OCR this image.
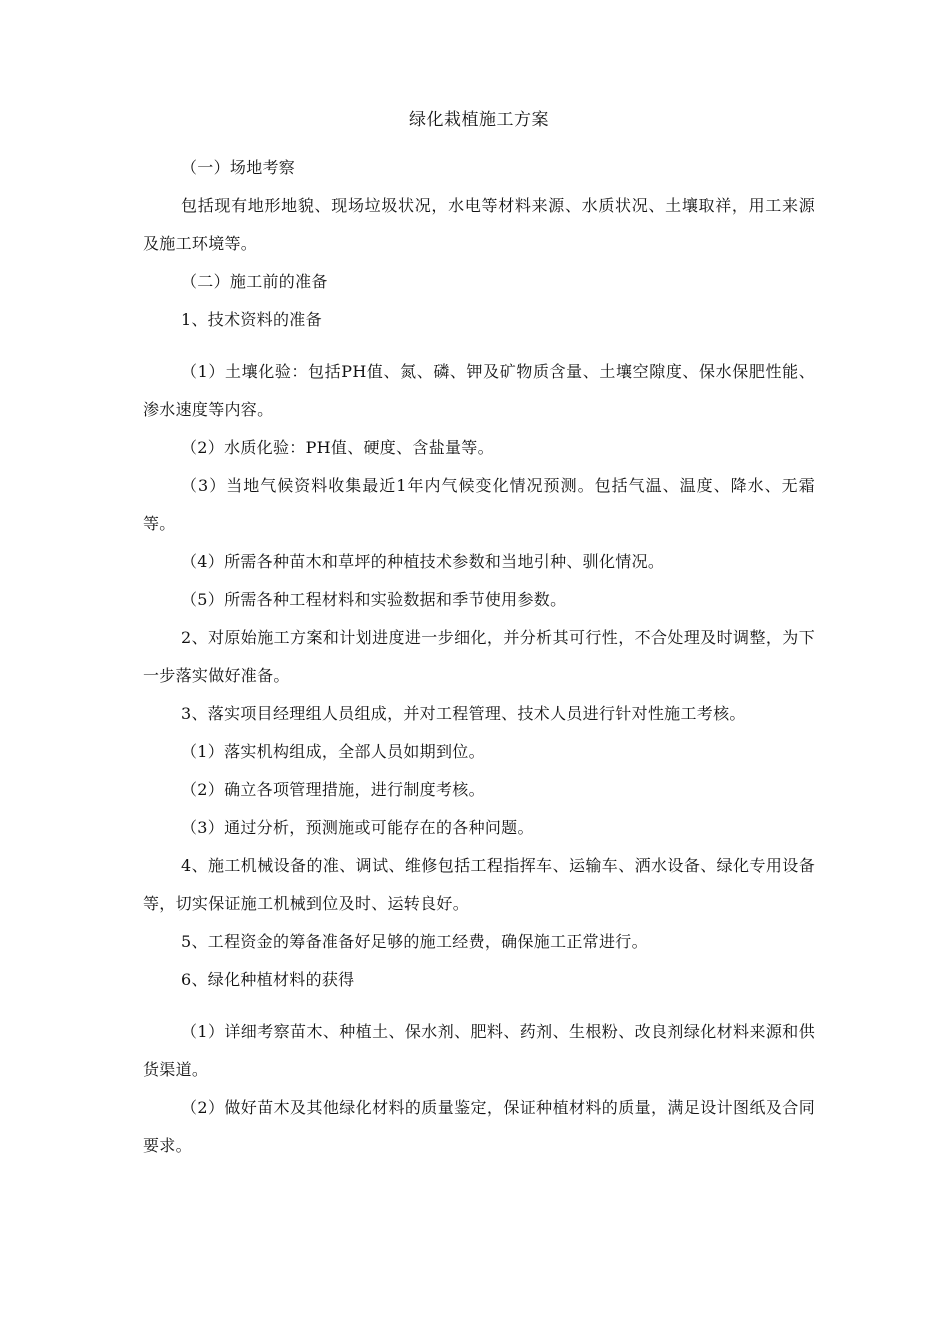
绿化栽植施工方案

（一）场地考察

包括现有地形地貌、现场垃圾状况，水电等材料来源、水质状况、土壤取祥，用工来源及施工环境等。

（二）施工前的准备

1、技术资料的准备

（1）土壤化验：包括PH值、氮、磷、钾及矿物质含量、土壤空隙度、保水保肥性能、渗水速度等内容。

（2）水质化验：PH值、硬度、含盐量等。

（3）当地气候资料收集最近1年内气候变化情况预测。包括气温、温度、降水、无霜等。

（4）所需各种苗木和草坪的种植技术参数和当地引种、驯化情况。

（5）所需各种工程材料和实验数据和季节使用参数。

2、对原始施工方案和计划进度进一步细化，并分析其可行性，不合处理及时调整，为下一步落实做好准备。

3、落实项目经理组人员组成，并对工程管理、技术人员进行针对性施工考核。

（1）落实机构组成，全部人员如期到位。

（2）确立各项管理措施，进行制度考核。

（3）通过分析，预测施或可能存在的各种问题。

4、施工机械设备的准、调试、维修包括工程指挥车、运输车、洒水设备、绿化专用设备等，切实保证施工机械到位及时、运转良好。

5、工程资金的筹备准备好足够的施工经费，确保施工正常进行。

6、绿化种植材料的获得

（1）详细考察苗木、种植土、保水剂、肥料、药剂、生根粉、改良剂绿化材料来源和供货渠道。

（2）做好苗木及其他绿化材料的质量鉴定，保证种植材料的质量，满足设计图纸及合同要求。
